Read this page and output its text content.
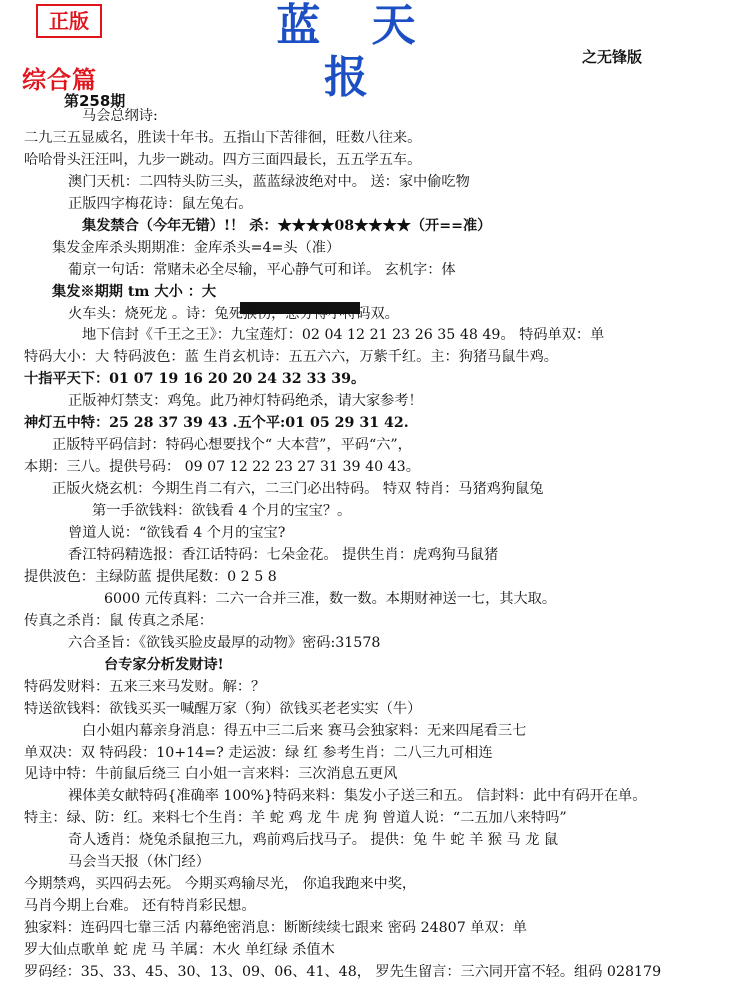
正版	蓝 天 报	之无锋版
综合篇
第258期
马会总纲诗:
二九三五显威名，胜读十年书。五指山下苦徘徊，旺数八往来。
哈哈骨头汪汪叫，九步一跳动。四方三面四最长，五五学五车。
澳门天机：二四特头防三头，蓝蓝绿波绝对中。 送：家中偷吃物
正版四字梅花诗：鼠左兔右。
集发禁合（今年无错）!！ 杀：★★★★08★★★★（开==准）
集发金库杀头期期准：金库杀头=4=头（准）
葡京一句话：常赌未必全尽输，平心静气可和详。 玄机字：体
集发※期期 tm 大小 ：大
火车头：烧死龙 。诗：兔死猴伤，总分博小特码双。
地下信封《千王之王》：九宝莲灯：02 04 12 21 23 26 35 48 49。 特码单双：单
特码大小：大 特码波色：蓝 生肖玄机诗：五五六六，万紫千红。主：狗猪马鼠牛鸡。
十指平天下：01 07 19 16 20 20 24 32 33 39。
正版神灯禁支：鸡兔。此乃神灯特码绝杀，请大家参考！
神灯五中特：25 28 37 39 43 .五个平:01 05 29 31 42.
正版特平码信封：特码心想要找个“ 大本营”，平码“六”，
本期：三八。提供号码： 09 07 12 22 23 27 31 39 40 43。
正版火烧玄机：今期生肖二有六，二三门必出特码。 特双 特肖：马猪鸡狗鼠兔
第一手欲钱料：欲钱看 4 个月的宝宝？。
曾道人说：“欲钱看 4 个月的宝宝?
香江特码精选报：香江话特码：七朵金花。 提供生肖：虎鸡狗马鼠猪
提供波色：主绿防蓝 提供尾数：0 2 5 8
6000 元传真料：二六一合并三准，数一数。本期财神送一七，其大取。
传真之杀肖：鼠 传真之杀尾：
六合圣旨：《欲钱买脸皮最厚的动物》密码:31578
台专家分析发财诗!
特码发财料：五来三来马发财。解：？
特送欲钱料：欲钱买买一喊醒万家（狗）欲钱买老老实实（牛）
白小姐内幕亲身消息：得五中三二后来 赛马会独家料：无来四尾看三七
单双决：双 特码段：10+14=? 走运波：绿 红 参考生肖：二八三九可相连
见诗中特：牛前鼠后绕三 白小姐一言来料：三次消息五更风
裸体美女献特码{准确率 100%}特码来料：集发小子送三和五。 信封料：此中有码开在单。
特主：绿、防：红。来料七个生肖：羊 蛇 鸡 龙 牛 虎 狗 曾道人说：“二五加八来特吗”
奇人透肖：烧兔杀鼠抱三九，鸡前鸡后找马子。 提供：兔 牛 蛇 羊 猴 马 龙 鼠
马会当天报（休门经）
今期禁鸡，买四码去死。 今期买鸡输尽光， 你追我跑来中奖，
马肖今期上台难。 还有特肖彩民想。
独家料：连码四七靠三活 内幕绝密消息：断断续续七跟来 密码 24807 单双：单
罗大仙点歌单 蛇 虎 马 羊属：木火 单红绿 杀值木
罗码经：35、33、45、30、13、09、06、41、48， 罗先生留言：三六同开富不轻。组码 028179
